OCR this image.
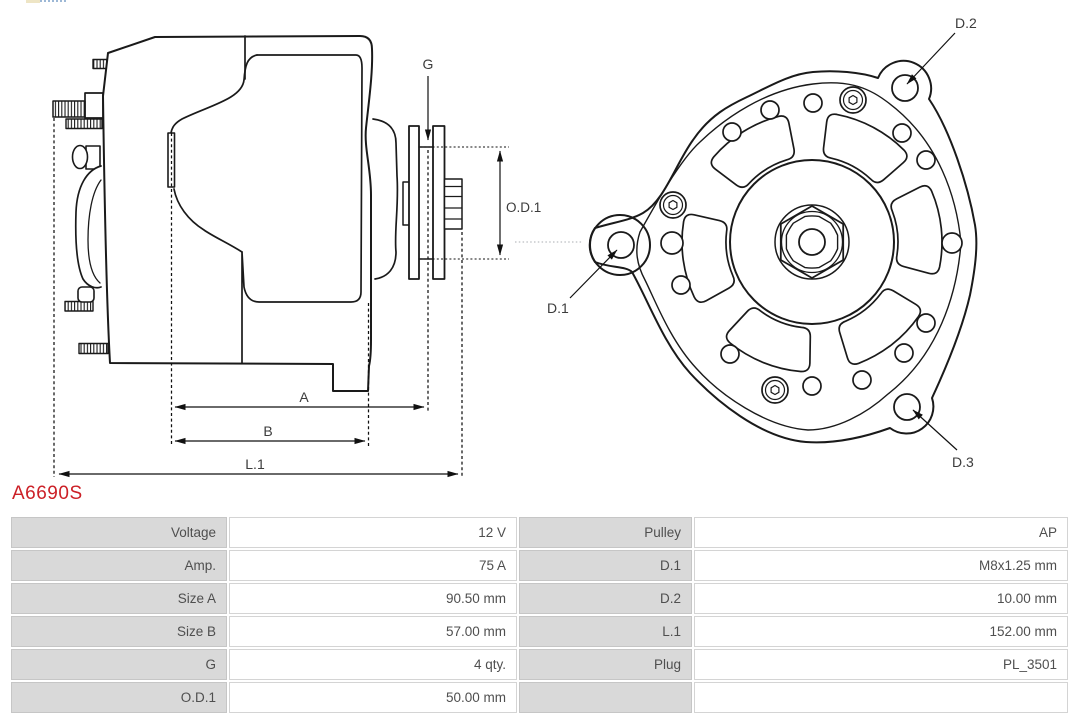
G
O.D.1
A
B
L.1
D.2
D.1
D.3
A6690S
Voltage	12 V	Pulley	AP
Amp.	75 A	D.1	M8x1.25 mm
Size A	90.50 mm	D.2	10.00 mm
Size B	57.00 mm	L.1	152.00 mm
G	4 qty.	Plug	PL_3501
O.D.1	50.00 mm
